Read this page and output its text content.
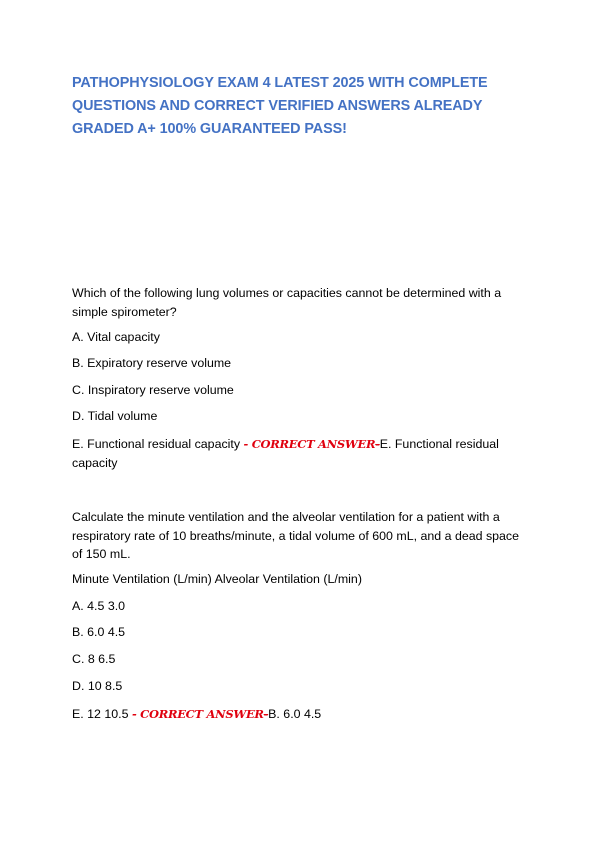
PATHOPHYSIOLOGY EXAM 4 LATEST 2025 WITH COMPLETE QUESTIONS AND CORRECT VERIFIED ANSWERS ALREADY GRADED A+ 100% GUARANTEED PASS!
Which of the following lung volumes or capacities cannot be determined with a simple spirometer?
A. Vital capacity
B. Expiratory reserve volume
C. Inspiratory reserve volume
D. Tidal volume
E. Functional residual capacity - CORRECT ANSWER-E. Functional residual capacity
Calculate the minute ventilation and the alveolar ventilation for a patient with a respiratory rate of 10 breaths/minute, a tidal volume of 600 mL, and a dead space of 150 mL.
Minute Ventilation (L/min) Alveolar Ventilation (L/min)
A. 4.5 3.0
B. 6.0 4.5
C. 8 6.5
D. 10 8.5
E. 12 10.5 - CORRECT ANSWER-B. 6.0 4.5
